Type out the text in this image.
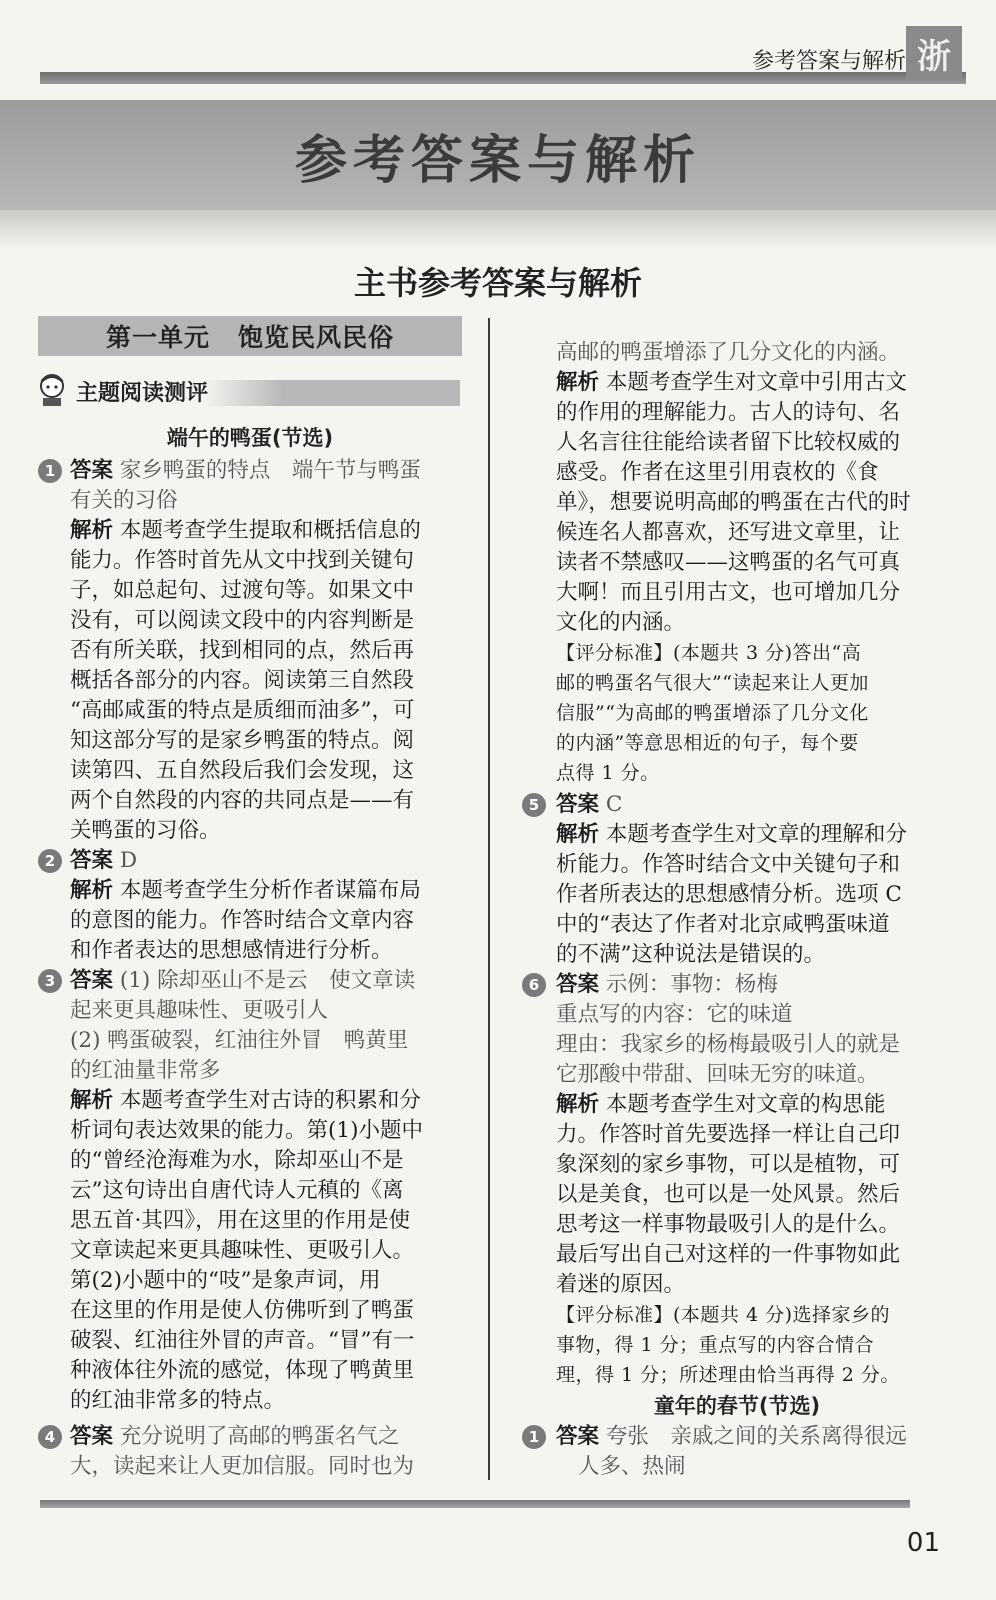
参考答案与解析 浙
参考答案与解析
主书参考答案与解析
第一单元 饱览民风民俗
主题阅读测评
端午的鸭蛋(节选)
1 答案 家乡鸭蛋的特点　端午节与鸭蛋
有关的习俗
解析 本题考查学生提取和概括信息的
能力。作答时首先从文中找到关键句
子，如总起句、过渡句等。如果文中
没有，可以阅读文段中的内容判断是
否有所关联，找到相同的点，然后再
概括各部分的内容。阅读第三自然段
“高邮咸蛋的特点是质细而油多”，可
知这部分写的是家乡鸭蛋的特点。阅
读第四、五自然段后我们会发现，这
两个自然段的内容的共同点是——有
关鸭蛋的习俗。
2 答案 D
解析 本题考查学生分析作者谋篇布局
的意图的能力。作答时结合文章内容
和作者表达的思想感情进行分析。
3 答案 (1) 除却巫山不是云　使文章读
起来更具趣味性、更吸引人
(2) 鸭蛋破裂，红油往外冒　鸭黄里
的红油量非常多
解析 本题考查学生对古诗的积累和分
析词句表达效果的能力。第(1)小题中
的“曾经沧海难为水，除却巫山不是
云”这句诗出自唐代诗人元稹的《离
思五首·其四》，用在这里的作用是使
文章读起来更具趣味性、更吸引人。
第(2)小题中的“吱”是象声词，用
在这里的作用是使人仿佛听到了鸭蛋
破裂、红油往外冒的声音。“冒”有一
种液体往外流的感觉，体现了鸭黄里
的红油非常多的特点。
4 答案 充分说明了高邮的鸭蛋名气之
大，读起来让人更加信服。同时也为
高邮的鸭蛋增添了几分文化的内涵。
解析 本题考查学生对文章中引用古文
的作用的理解能力。古人的诗句、名
人名言往往能给读者留下比较权威的
感受。作者在这里引用袁枚的《食
单》，想要说明高邮的鸭蛋在古代的时
候连名人都喜欢，还写进文章里，让
读者不禁感叹——这鸭蛋的名气可真
大啊！而且引用古文，也可增加几分
文化的内涵。
【评分标准】(本题共 3 分)答出“高
邮的鸭蛋名气很大”“读起来让人更加
信服”“为高邮的鸭蛋增添了几分文化
的内涵”等意思相近的句子，每个要
点得 1 分。
5 答案 C
解析 本题考查学生对文章的理解和分
析能力。作答时结合文中关键句子和
作者所表达的思想感情分析。选项 C
中的“表达了作者对北京咸鸭蛋味道
的不满”这种说法是错误的。
6 答案 示例：事物：杨梅
重点写的内容：它的味道
理由：我家乡的杨梅最吸引人的就是
它那酸中带甜、回味无穷的味道。
解析 本题考查学生对文章的构思能
力。作答时首先要选择一样让自己印
象深刻的家乡事物，可以是植物，可
以是美食，也可以是一处风景。然后
思考这一样事物最吸引人的是什么。
最后写出自己对这样的一件事物如此
着迷的原因。
【评分标准】(本题共 4 分)选择家乡的
事物，得 1 分；重点写的内容合情合
理，得 1 分；所述理由恰当再得 2 分。
童年的春节(节选)
1 答案 夸张　亲戚之间的关系离得很远
人多、热闹
01
